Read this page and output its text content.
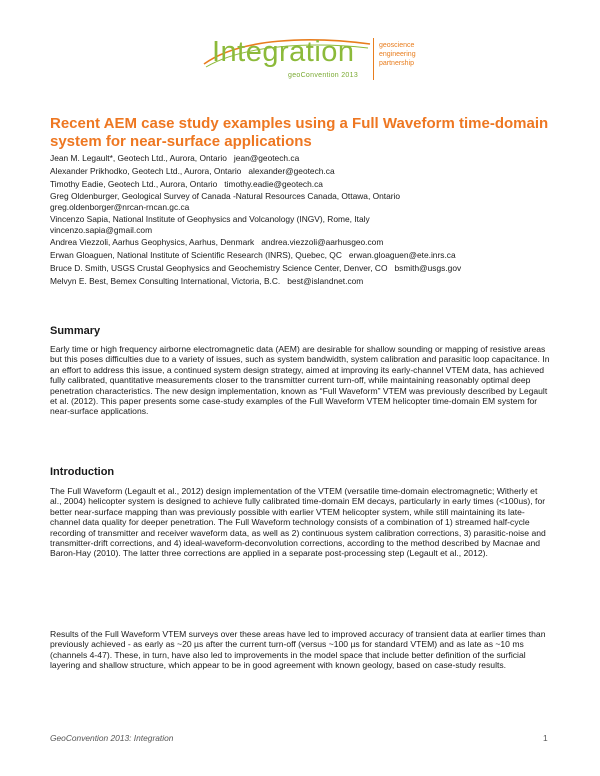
Integration
geoConvention 2013
geoscience
engineering
partnership
Recent AEM case study examples using a Full Waveform time-domain system for near-surface applications
Jean M. Legault*, Geotech Ltd., Aurora, Ontario jean@geotech.ca
Alexander Prikhodko, Geotech Ltd., Aurora, Ontario alexander@geotech.ca
Timothy Eadie, Geotech Ltd., Aurora, Ontario timothy.eadie@geotech.ca
Greg Oldenburger, Geological Survey of Canada -Natural Resources Canada, Ottawa, Ontario
greg.oldenborger@nrcan-rncan.gc.ca
Vincenzo Sapia, National Institute of Geophysics and Volcanology (INGV), Rome, Italy
vincenzo.sapia@gmail.com
Andrea Viezzoli, Aarhus Geophysics, Aarhus, Denmark andrea.viezzoli@aarhusgeo.com
Erwan Gloaguen, National Institute of Scientific Research (INRS), Quebec, QC erwan.gloaguen@ete.inrs.ca
Bruce D. Smith, USGS Crustal Geophysics and Geochemistry Science Center, Denver, CO bsmith@usgs.gov
Melvyn E. Best, Bemex Consulting International, Victoria, B.C. best@islandnet.com
Summary

Early time or high frequency airborne electromagnetic data (AEM) are desirable for shallow sounding or mapping of resistive areas but this poses difficulties due to a variety of issues, such as system bandwidth, system calibration and parasitic loop capacitance. In an effort to address this issue, a continued system design strategy, aimed at improving its early-channel VTEM data, has achieved fully calibrated, quantitative measurements closer to the transmitter current turn-off, while maintaining reasonably optimal deep penetration characteristics. The new design implementation, known as “Full Waveform” VTEM was previously described by Legault et al. (2012). This paper presents some case-study examples of the Full Waveform VTEM helicopter time-domain EM system for near-surface applications.

Introduction

The Full Waveform (Legault et al., 2012) design implementation of the VTEM (versatile time-domain electromagnetic; Witherly et al., 2004) helicopter system is designed to achieve fully calibrated time-domain EM decays, particularly in early times (<100us), for better near-surface mapping than was previously possible with earlier VTEM helicopter system, while still maintaining its late-channel data quality for deeper penetration. The Full Waveform technology consists of a combination of 1) streamed half-cycle recording of transmitter and receiver waveform data, as well as 2) continuous system calibration corrections, 3) parasitic-noise and transmitter-drift corrections, and 4) ideal-waveform-deconvolution corrections, according to the method described by Macnae and Baron-Hay (2010). The latter three corrections are applied in a separate post-processing step (Legault et al., 2012).

Results of the Full Waveform VTEM surveys over these areas have led to improved accuracy of transient data at earlier times than previously achieved - as early as ~20 µs after the current turn-off (versus ~100 µs for standard VTEM) and as late as ~10 ms (channels 4-47). These, in turn, have also led to improvements in the model space that include better definition of the surficial layering and shallow structure, which appear to be in good agreement with known geology, based on case-study results.

GeoConvention 2013: Integration	1
